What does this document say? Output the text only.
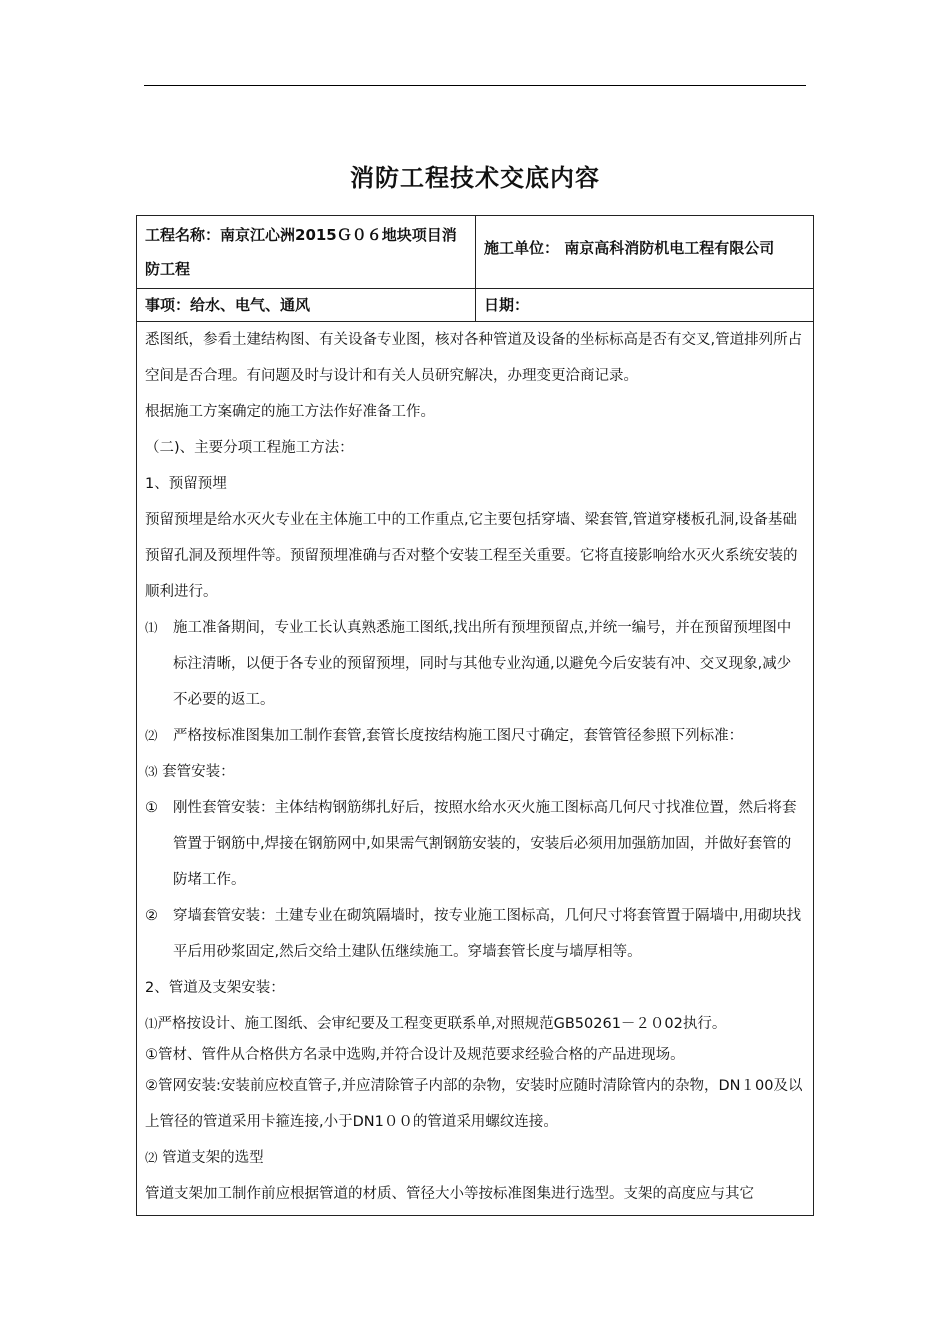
消防工程技术交底内容
工程名称：南京江心洲2015Ｇ０６地块项目消防工程
施工单位： 南京高科消防机电工程有限公司
事项：给水、电气、通风	日期：

悉图纸，参看土建结构图、有关设备专业图，核对各种管道及设备的坐标标高是否有交叉,管道排列所占空间是否合理。有问题及时与设计和有关人员研究解决，办理变更洽商记录。

根据施工方案确定的施工方法作好准备工作。

（二)、主要分项工程施工方法：

1、预留预埋

预留预埋是给水灭火专业在主体施工中的工作重点,它主要包括穿墙、梁套管,管道穿楼板孔洞,设备基础预留孔洞及预埋件等。预留预埋准确与否对整个安装工程至关重要。它将直接影响给水灭火系统安装的顺利进行。

⑴ 施工准备期间，专业工长认真熟悉施工图纸,找出所有预埋预留点,并统一编号，并在预留预埋图中标注清晰，以便于各专业的预留预埋，同时与其他专业沟通,以避免今后安装有冲、交叉现象,减少不必要的返工。
⑵ 严格按标准图集加工制作套管,套管长度按结构施工图尺寸确定，套管管径参照下列标准：

⑶ 套管安装：

① 刚性套管安装：主体结构钢筋绑扎好后，按照水给水灭火施工图标高几何尺寸找准位置，然后将套管置于钢筋中,焊接在钢筋网中,如果需气割钢筋安装的，安装后必须用加强筋加固，并做好套管的防堵工作。
② 穿墙套管安装：土建专业在砌筑隔墙时，按专业施工图标高，几何尺寸将套管置于隔墙中,用砌块找平后用砂浆固定,然后交给土建队伍继续施工。穿墙套管长度与墙厚相等。

2、管道及支架安装：

⑴严格按设计、施工图纸、会审纪要及工程变更联系单,对照规范GB50261－２０02执行。

①管材、管件从合格供方名录中选购,并符合设计及规范要求经验合格的产品进现场。

②管网安装:安装前应校直管子,并应清除管子内部的杂物，安装时应随时清除管内的杂物，DN１00及以上管径的管道采用卡箍连接,小于DN1００的管道采用螺纹连接。

⑵ 管道支架的选型

管道支架加工制作前应根据管道的材质、管径大小等按标准图集进行选型。支架的高度应与其它
